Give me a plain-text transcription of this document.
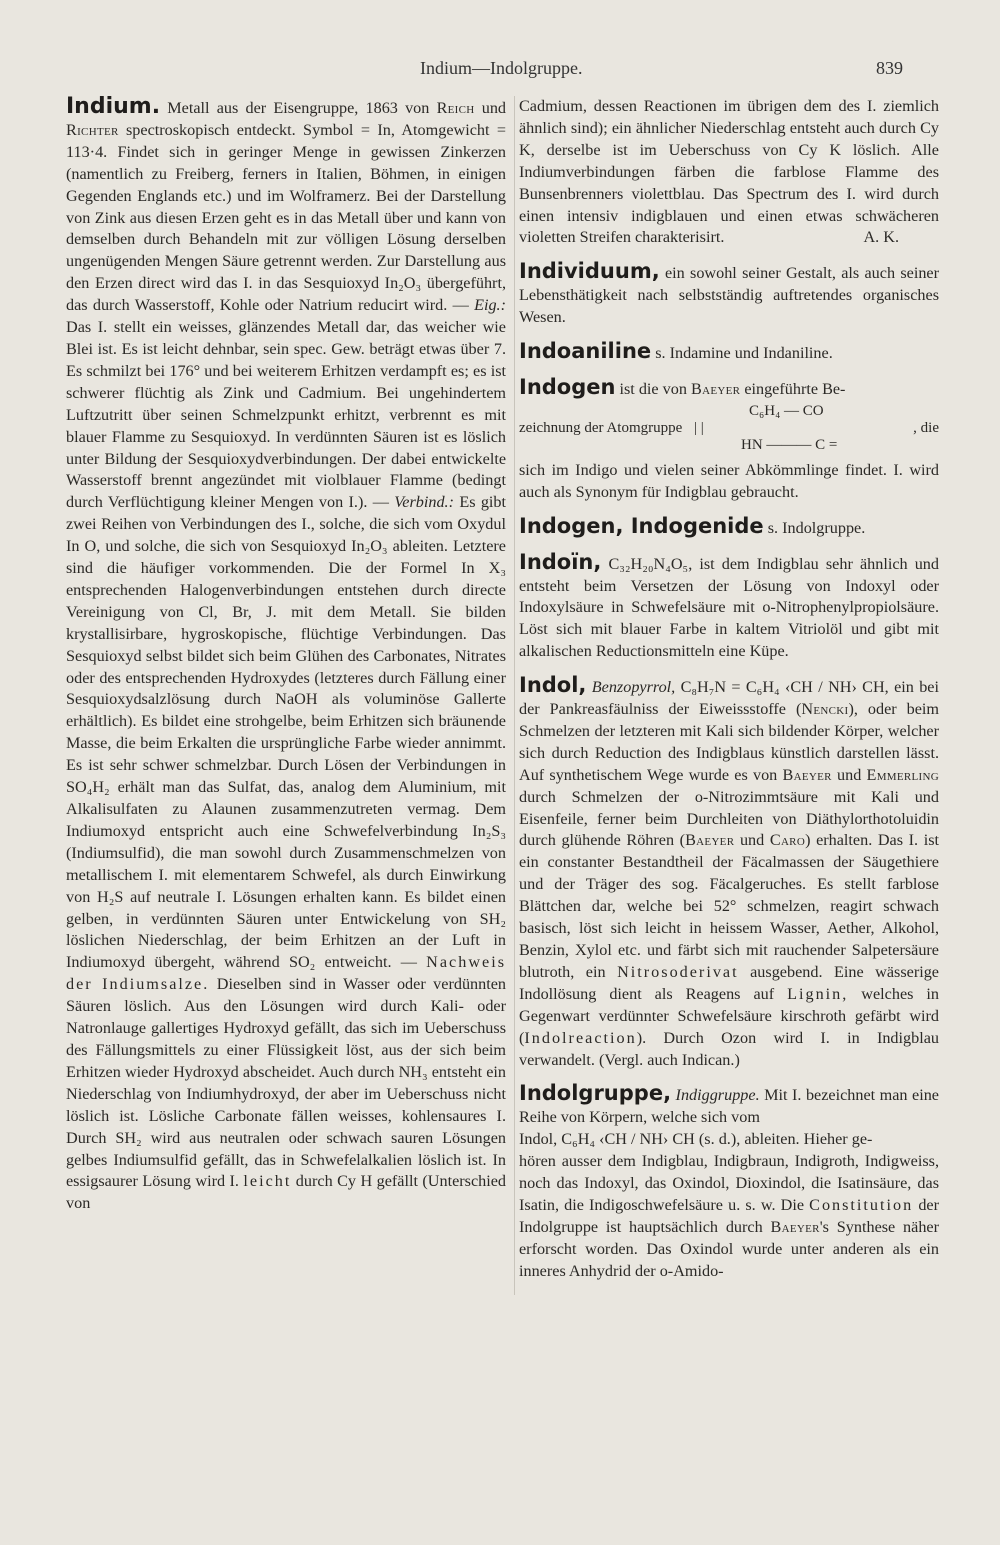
Indium—Indolgruppe.	839

Indium. Metall aus der Eisengruppe, 1863 von Reich und Richter spectroskopisch entdeckt. Symbol = In, Atomgewicht = 113·4. Findet sich in geringer Menge in gewissen Zinkerzen (namentlich zu Freiberg, ferners in Italien, Böhmen, in einigen Gegenden Englands etc.) und im Wolframerz. Bei der Darstellung von Zink aus diesen Erzen geht es in das Metall über und kann von demselben durch Behandeln mit zur völligen Lösung derselben ungenügenden Mengen Säure getrennt werden. Zur Darstellung aus den Erzen direct wird das I. in das Sesquioxyd In₂O₃ übergeführt, das durch Wasserstoff, Kohle oder Natrium reducirt wird. — Eig.: Das I. stellt ein weisses, glänzendes Metall dar, das weicher wie Blei ist. Es ist leicht dehnbar, sein spec. Gew. beträgt etwas über 7. Es schmilzt bei 176° und bei weiterem Erhitzen verdampft es; es ist schwerer flüchtig als Zink und Cadmium. Bei ungehindertem Luftzutritt über seinen Schmelzpunkt erhitzt, verbrennt es mit blauer Flamme zu Sesquioxyd. In verdünnten Säuren ist es löslich unter Bildung der Sesquioxydverbindungen. Der dabei entwickelte Wasserstoff brennt angezündet mit violblauer Flamme (bedingt durch Verflüchtigung kleiner Mengen von I.). — Verbind.: Es gibt zwei Reihen von Verbindungen des I., solche, die sich vom Oxydul In O, und solche, die sich von Sesquioxyd In₂O₃ ableiten. Letztere sind die häufiger vorkommenden. Die der Formel In X₃ entsprechenden Halogenverbindungen entstehen durch directe Vereinigung von Cl, Br, J. mit dem Metall. Sie bilden krystallisirbare, hygroskopische, flüchtige Verbindungen. Das Sesquioxyd selbst bildet sich beim Glühen des Carbonates, Nitrates oder des entsprechenden Hydroxydes (letzteres durch Fällung einer Sesquioxydsalzlösung durch NaOH als voluminöse Gallerte erhältlich). Es bildet eine strohgelbe, beim Erhitzen sich bräunende Masse, die beim Erkalten die ursprüngliche Farbe wieder annimmt. Es ist sehr schwer schmelzbar. Durch Lösen der Verbindungen in SO₄H₂ erhält man das Sulfat, das, analog dem Aluminium, mit Alkalisulfaten zu Alaunen zusammenzutreten vermag. Dem Indiumoxyd entspricht auch eine Schwefelverbindung In₂S₃ (Indiumsulfid), die man sowohl durch Zusammenschmelzen von metallischem I. mit elementarem Schwefel, als durch Einwirkung von H₂S auf neutrale I. Lösungen erhalten kann. Es bildet einen gelben, in verdünnten Säuren unter Entwickelung von SH₂ löslichen Niederschlag, der beim Erhitzen an der Luft in Indiumoxyd übergeht, während SO₂ entweicht. — Nachweis der Indiumsalze. Dieselben sind in Wasser oder verdünnten Säuren löslich. Aus den Lösungen wird durch Kali- oder Natronlauge gallertiges Hydroxyd gefällt, das sich im Ueberschuss des Fällungsmittels zu einer Flüssigkeit löst, aus der sich beim Erhitzen wieder Hydroxyd abscheidet. Auch durch NH₃ entsteht ein Niederschlag von Indiumhydroxyd, der aber im Ueberschuss nicht löslich ist. Lösliche Carbonate fällen weisses, kohlensaures I. Durch SH₂ wird aus neutralen oder schwach sauren Lösungen gelbes Indiumsulfid gefällt, das in Schwefelalkalien löslich ist. In essigsaurer Lösung wird I. leicht durch Cy H gefällt (Unterschied von

Cadmium, dessen Reactionen im übrigen dem des I. ziemlich ähnlich sind); ein ähnlicher Niederschlag entsteht auch durch Cy K, derselbe ist im Ueberschuss von Cy K löslich. Alle Indiumverbindungen färben die farblose Flamme des Bunsenbrenners violettblau. Das Spectrum des I. wird durch einen intensiv indigblauen und einen etwas schwächeren violetten Streifen charakterisirt.	A. K.

Individuum, ein sowohl seiner Gestalt, als auch seiner Lebensthätigkeit nach selbstständig auftretendes organisches Wesen.

Indoaniline s. Indamine und Indaniline.

Indogen ist die von Baeyer eingeführte Be-
C₆H₄ — CO
zeichnung der Atomgruppe | |	, die
HN ——— C =
sich im Indigo und vielen seiner Abkömmlinge findet. I. wird auch als Synonym für Indigblau gebraucht.

Indogen, Indogenide s. Indolgruppe.

Indoïn, C₃₂H₂₀N₄O₅, ist dem Indigblau sehr ähnlich und entsteht beim Versetzen der Lösung von Indoxyl oder Indoxylsäure in Schwefelsäure mit o-Nitrophenylpropiolsäure. Löst sich mit blauer Farbe in kaltem Vitriolöl und gibt mit alkalischen Reductionsmitteln eine Küpe.

Indol, Benzopyrrol, C₈H₇N = C₆H₄ ‹CH / NH› CH, ein bei der Pankreasfäulniss der Eiweissstoffe (Nencki), oder beim Schmelzen der letzteren mit Kali sich bildender Körper, welcher sich durch Reduction des Indigblaus künstlich darstellen lässt. Auf synthetischem Wege wurde es von Baeyer und Emmerling durch Schmelzen der o-Nitrozimmtsäure mit Kali und Eisenfeile, ferner beim Durchleiten von Diäthylorthotoluidin durch glühende Röhren (Baeyer und Caro) erhalten. Das I. ist ein constanter Bestandtheil der Fäcalmassen der Säugethiere und der Träger des sog. Fäcalgeruches. Es stellt farblose Blättchen dar, welche bei 52° schmelzen, reagirt schwach basisch, löst sich leicht in heissem Wasser, Aether, Alkohol, Benzin, Xylol etc. und färbt sich mit rauchender Salpetersäure blutroth, ein Nitrosoderivat ausgebend. Eine wässerige Indollösung dient als Reagens auf Lignin, welches in Gegenwart verdünnter Schwefelsäure kirschroth gefärbt wird (Indolreaction). Durch Ozon wird I. in Indigblau verwandelt. (Vergl. auch Indican.)

Indolgruppe, Indiggruppe. Mit I. bezeichnet man eine Reihe von Körpern, welche sich vom
Indol, C₆H₄ ‹CH / NH› CH (s. d.), ableiten. Hieher ge-
hören ausser dem Indigblau, Indigbraun, Indigroth, Indigweiss, noch das Indoxyl, das Oxindol, Dioxindol, die Isatinsäure, das Isatin, die Indigoschwefelsäure u. s. w. Die Constitution der Indolgruppe ist hauptsächlich durch Baeyer's Synthese näher erforscht worden. Das Oxindol wurde unter anderen als ein inneres Anhydrid der o-Amido-
